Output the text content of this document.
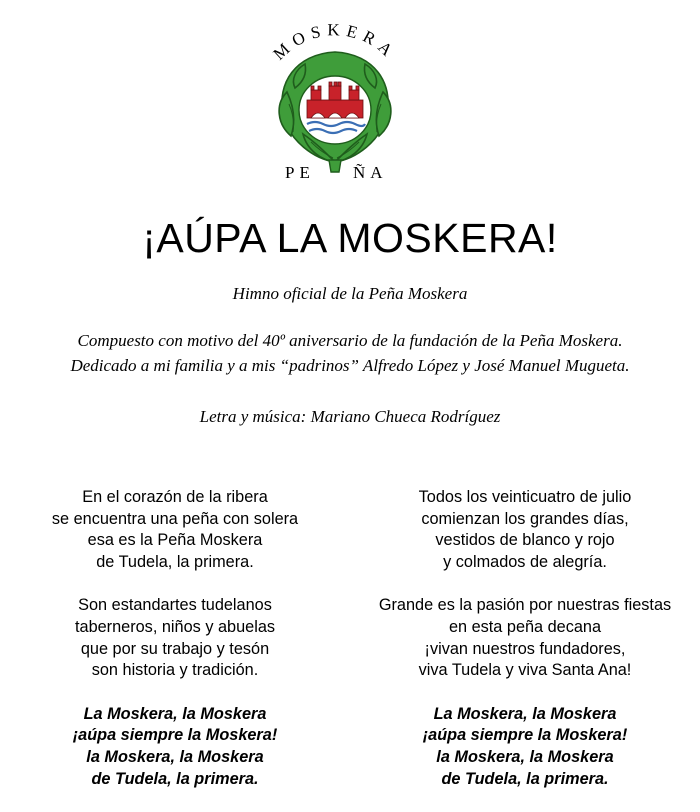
MOSKERA
PE ÑA
¡AÚPA LA MOSKERA!

Himno oficial de la Peña Moskera

Compuesto con motivo del 40º aniversario de la fundación de la Peña Moskera.
Dedicado a mi familia y a mis “padrinos” Alfredo López y José Manuel Mugueta.

Letra y música: Mariano Chueca Rodríguez

En el corazón de la ribera
se encuentra una peña con solera
esa es la Peña Moskera
de Tudela, la primera.
Son estandartes tudelanos
taberneros, niños y abuelas
que por su trabajo y tesón
son historia y tradición.
La Moskera, la Moskera
¡aúpa siempre la Moskera!
la Moskera, la Moskera
de Tudela, la primera.
Todos los veinticuatro de julio
comienzan los grandes días,
vestidos de blanco y rojo
y colmados de alegría.
Grande es la pasión por nuestras fiestas
en esta peña decana
¡vivan nuestros fundadores,
viva Tudela y viva Santa Ana!
La Moskera, la Moskera
¡aúpa siempre la Moskera!
la Moskera, la Moskera
de Tudela, la primera.
